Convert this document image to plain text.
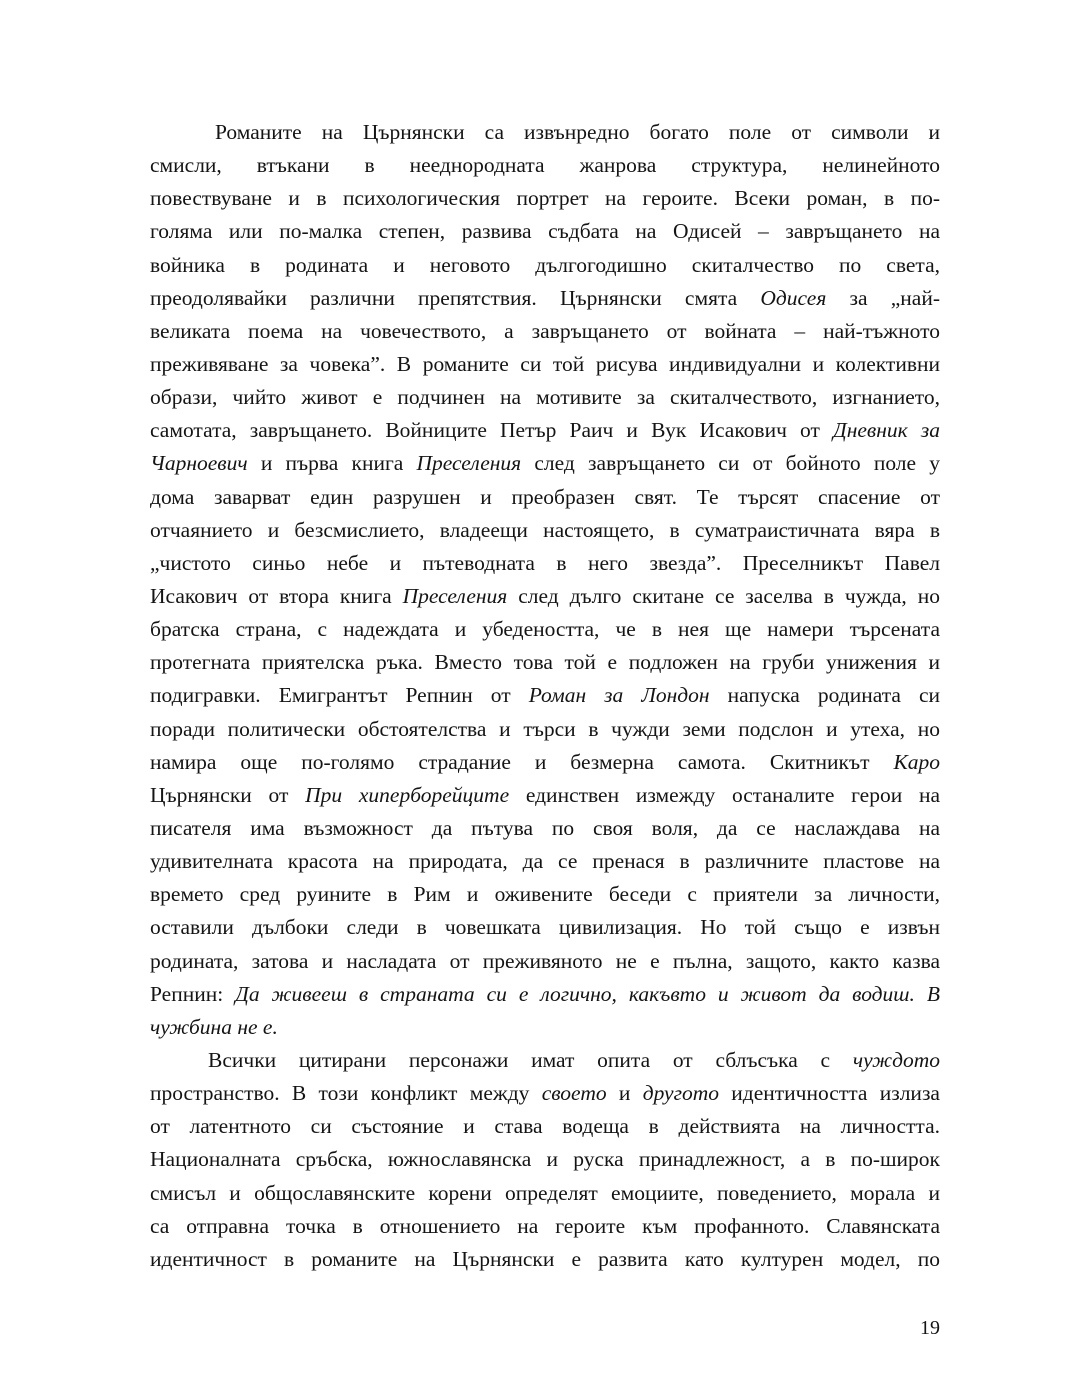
Романите на Църнянски са извънредно богато поле от символи и
смисли, втъкани в нееднородната жанрова структура, нелинейното
повествуване и в психологическия портрет на героите. Всеки роман, в по-
голяма или по-малка степен, развива съдбата на Одисей – завръщането на
войника в родината и неговото дългогодишно скиталчество по света,
преодолявайки различни препятствия. Църнянски смята Одисея за „най-
великата поема на човечеството, а завръщането от войната – най-тъжното
преживяване за човека”. В романите си той рисува индивидуални и колективни
образи, чийто живот е подчинен на мотивите за скиталчеството, изгнанието,
самотата, завръщането. Войниците Петър Раич и Вук Исакович от Дневник за
Чарноевич и първа книга Преселения след завръщането си от бойното поле у
дома заварват един разрушен и преобразен свят. Те търсят спасение от
отчаянието и безсмислието, владеещи настоящето, в суматраистичната вяра в
„чистото синьо небе и пътеводната в него звезда”. Преселникът Павел
Исакович от втора книга Преселения след дълго скитане се заселва в чужда, но
братска страна, с надеждата и убедеността, че в нея ще намери търсената
протегната приятелска ръка. Вместо това той е подложен на груби унижения и
подигравки. Емигрантът Репнин от Роман за Лондон напуска родината си
поради политически обстоятелства и търси в чужди земи подслон и утеха, но
намира още по-голямо страдание и безмерна самота. Скитникът Каро
Църнянски от При хиперборейците единствен измежду останалите герои на
писателя има възможност да пътува по своя воля, да се наслаждава на
удивителната красота на природата, да се пренася в различните пластове на
времето сред руините в Рим и оживените беседи с приятели за личности,
оставили дълбоки следи в човешката цивилизация. Но той също е извън
родината, затова и насладата от преживяното не е пълна, защото, както казва
Репнин: Да живееш в страната си е логично, какъвто и живот да водиш. В
чужбина не е.
Всички цитирани персонажи имат опита от сблъсъка с чуждото
пространство. В този конфликт между своето и другото идентичността излиза
от латентното си състояние и става водеща в действията на личността.
Националната сръбска, южнославянска и руска принадлежност, а в по-широк
смисъл и общославянските корени определят емоциите, поведението, морала и
са отправна точка в отношението на героите към профанното. Славянската
идентичност в романите на Църнянски е развита като културен модел, по
19
